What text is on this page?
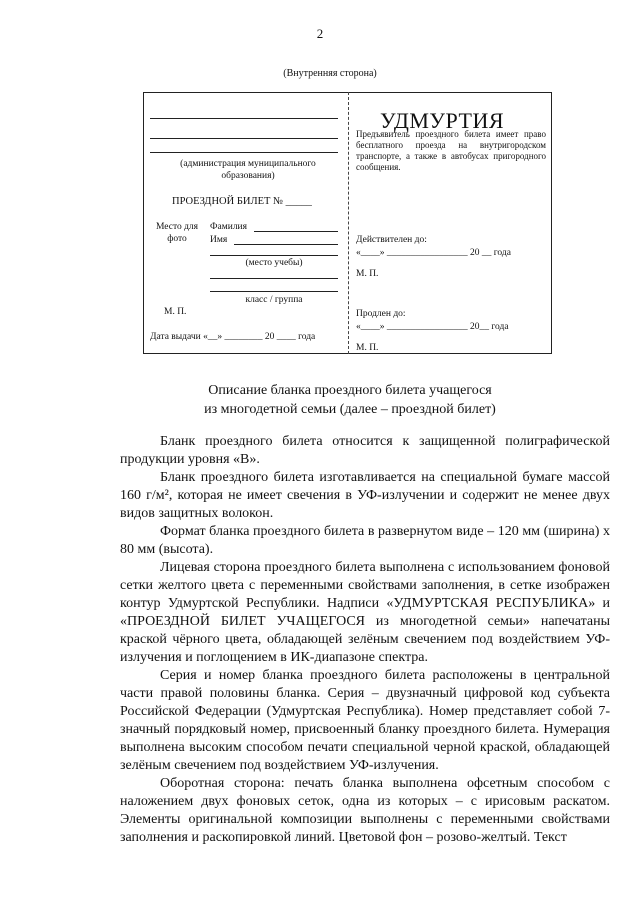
2
(Внутренняя сторона)
(администрация муниципального образования)
ПРОЕЗДНОЙ БИЛЕТ № _____
Место для фото
Фамилия
Имя
(место учебы)
класс / группа
М. П.
Дата выдачи «__» ________ 20 ____ года
УДМУРТИЯ
Предъявитель проездного билета имеет право бесплатного проезда на внутригородском транспорте, а также в автобусах пригородного сообщения.
Действителен до:
«____» _________________ 20 __ года
М. П.
Продлен до:
«____» _________________ 20__ года
М. П.
Описание бланка проездного билета учащегося
из многодетной семьи (далее – проездной билет)

Бланк проездного билета относится к защищенной полиграфической продукции уровня «В».

Бланк проездного билета изготавливается на специальной бумаге массой 160 г/м², которая не имеет свечения в УФ-излучении и содержит не менее двух видов защитных волокон.

Формат бланка проездного билета в развернутом виде – 120 мм (ширина) х 80 мм (высота).

Лицевая сторона проездного билета выполнена с использованием фоновой сетки желтого цвета с переменными свойствами заполнения, в сетке изображен контур Удмуртской Республики. Надписи «УДМУРТСКАЯ РЕСПУБЛИКА» и «ПРОЕЗДНОЙ БИЛЕТ УЧАЩЕГОСЯ из многодетной семьи» напечатаны краской чёрного цвета, обладающей зелёным свечением под воздействием УФ-излучения и поглощением в ИК-диапазоне спектра.

Серия и номер бланка проездного билета расположены в центральной части правой половины бланка. Серия – двузначный цифровой код субъекта Российской Федерации (Удмуртская Республика). Номер представляет собой 7-значный порядковый номер, присвоенный бланку проездного билета. Нумерация выполнена высоким способом печати специальной черной краской, обладающей зелёным свечением под воздействием УФ-излучения.

Оборотная сторона: печать бланка выполнена офсетным способом с наложением двух фоновых сеток, одна из которых – с ирисовым раскатом. Элементы оригинальной композиции выполнены с переменными свойствами заполнения и раскопировкой линий. Цветовой фон – розово-желтый. Текст
